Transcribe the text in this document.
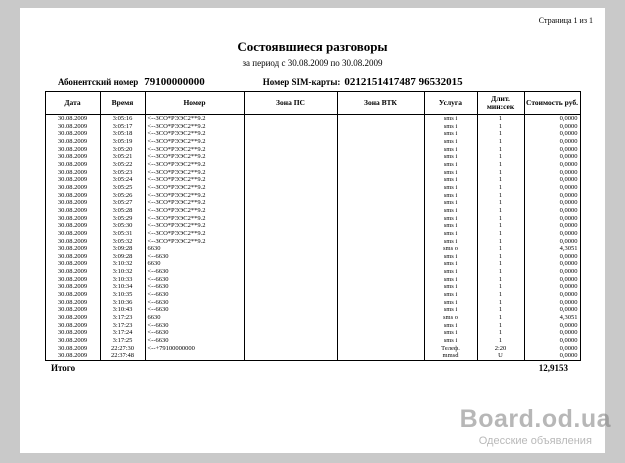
Страница 1 из 1
Состоявшиеся разговоры
за период с 30.08.2009 по 30.08.2009
Абонентский номер 79100000000	Номер SIM-карты: 0212151417487 96532015
Дата	Время	Номер	Зона ПС	Зона ВТК	Услуга	Длит. мин:сек	Стоимость руб.
30.08.2009	3:05:16	<--ЗСО*РЭЭС2**9.2			sms i	1	0,0000
30.08.2009	3:05:17	<--ЗСО*РЭЭС2**9.2			sms i	1	0,0000
30.08.2009	3:05:18	<--ЗСО*РЭЭС2**9.2			sms i	1	0,0000
30.08.2009	3:05:19	<--ЗСО*РЭЭС2**9.2			sms i	1	0,0000
30.08.2009	3:05:20	<--ЗСО*РЭЭС2**9.2			sms i	1	0,0000
30.08.2009	3:05:21	<--ЗСО*РЭЭС2**9.2			sms i	1	0,0000
30.08.2009	3:05:22	<--ЗСО*РЭЭС2**9.2			sms i	1	0,0000
30.08.2009	3:05:23	<--ЗСО*РЭЭС2**9.2			sms i	1	0,0000
30.08.2009	3:05:24	<--ЗСО*РЭЭС2**9.2			sms i	1	0,0000
30.08.2009	3:05:25	<--ЗСО*РЭЭС2**9.2			sms i	1	0,0000
30.08.2009	3:05:26	<--ЗСО*РЭЭС2**9.2			sms i	1	0,0000
30.08.2009	3:05:27	<--ЗСО*РЭЭС2**9.2			sms i	1	0,0000
30.08.2009	3:05:28	<--ЗСО*РЭЭС2**9.2			sms i	1	0,0000
30.08.2009	3:05:29	<--ЗСО*РЭЭС2**9.2			sms i	1	0,0000
30.08.2009	3:05:30	<--ЗСО*РЭЭС2**9.2			sms i	1	0,0000
30.08.2009	3:05:31	<--ЗСО*РЭЭС2**9.2			sms i	1	0,0000
30.08.2009	3:05:32	<--ЗСО*РЭЭС2**9.2			sms i	1	0,0000
30.08.2009	3:09:28	6630			sms o	1	4,3051
30.08.2009	3:09:28	<--6630			sms i	1	0,0000
30.08.2009	3:10:32	6630			sms i	1	0,0000
30.08.2009	3:10:32	<--6630			sms i	1	0,0000
30.08.2009	3:10:33	<--6630			sms i	1	0,0000
30.08.2009	3:10:34	<--6630			sms i	1	0,0000
30.08.2009	3:10:35	<--6630			sms i	1	0,0000
30.08.2009	3:10:36	<--6630			sms i	1	0,0000
30.08.2009	3:10:43	<--6630			sms i	1	0,0000
30.08.2009	3:17:23	6630			sms o	1	4,3051
30.08.2009	3:17:23	<--6630			sms i	1	0,0000
30.08.2009	3:17:24	<--6630			sms i	1	0,0000
30.08.2009	3:17:25	<--6630			sms i	1	0,0000
30.08.2009	22:27:30	<--+79100000000			Телеф.	2:20	0,0000
30.08.2009	22:37:48				mmsd	U	0,0000
Итого	12,9153
Board.od.ua
Одесские объявления
